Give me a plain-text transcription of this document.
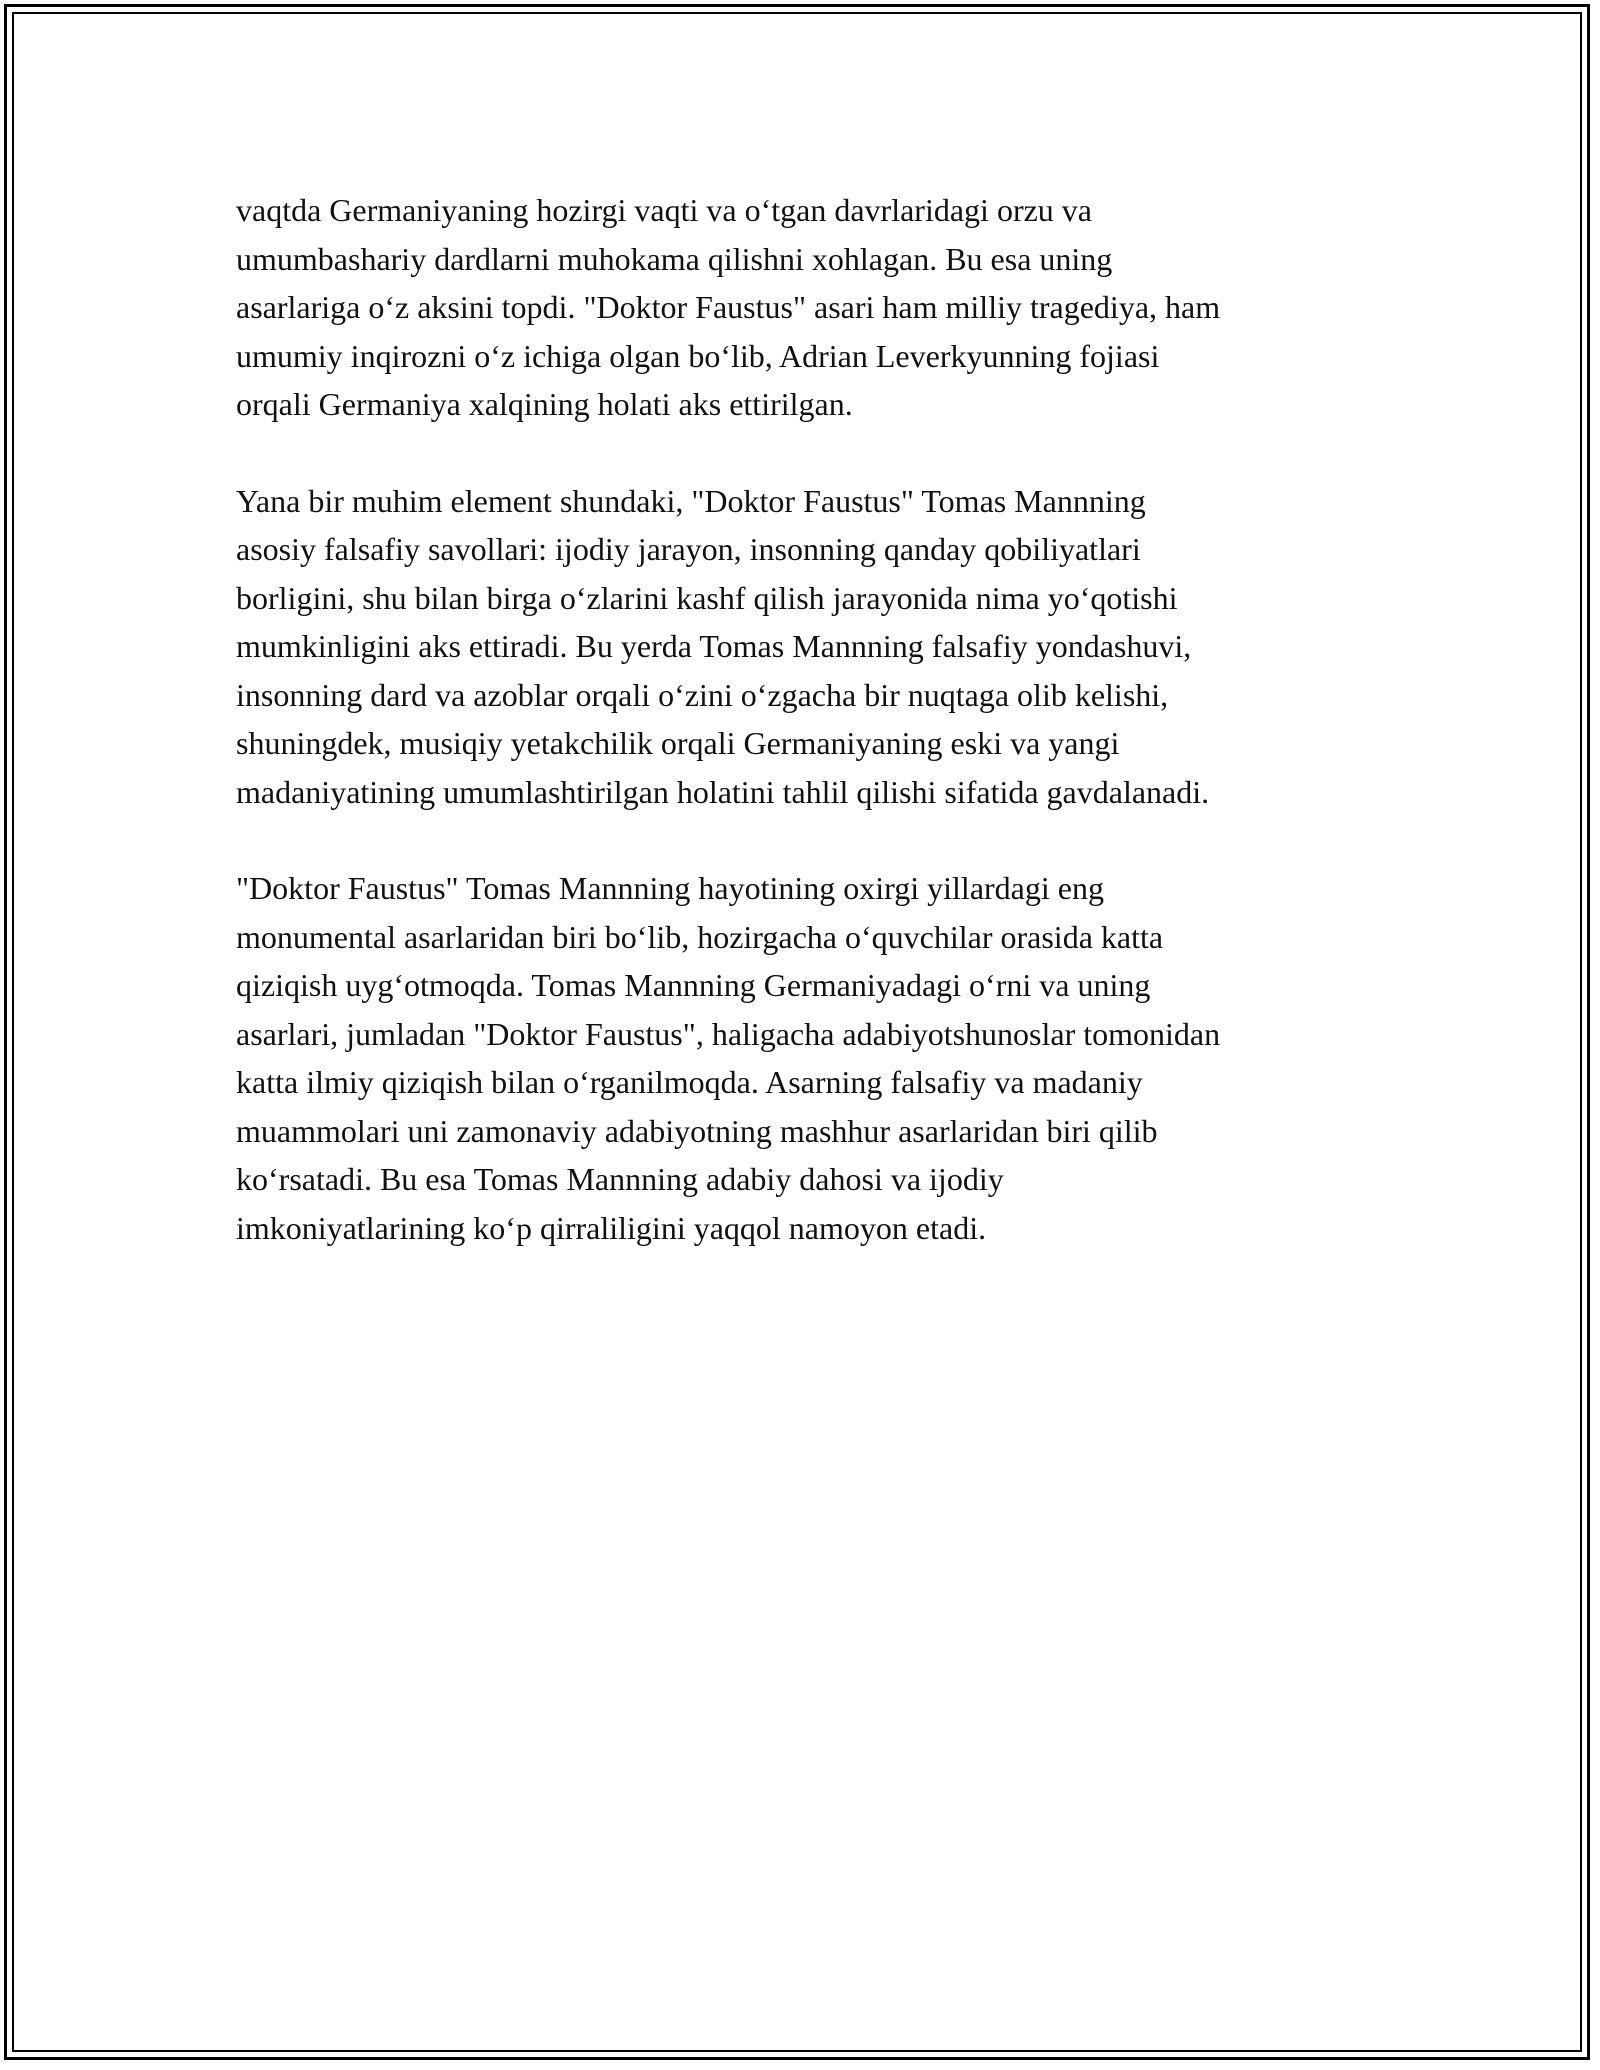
vaqtda Germaniyaning hozirgi vaqti va o‘tgan davrlaridagi orzu va
umumbashariy dardlarni muhokama qilishni xohlagan. Bu esa uning
asarlariga o‘z aksini topdi. "Doktor Faustus" asari ham milliy tragediya, ham
umumiy inqirozni o‘z ichiga olgan bo‘lib, Adrian Leverkyunning fojiasi
orqali Germaniya xalqining holati aks ettirilgan.

Yana bir muhim element shundaki, "Doktor Faustus" Tomas Mannning
asosiy falsafiy savollari: ijodiy jarayon, insonning qanday qobiliyatlari
borligini, shu bilan birga o‘zlarini kashf qilish jarayonida nima yo‘qotishi
mumkinligini aks ettiradi. Bu yerda Tomas Mannning falsafiy yondashuvi,
insonning dard va azoblar orqali o‘zini o‘zgacha bir nuqtaga olib kelishi,
shuningdek, musiqiy yetakchilik orqali Germaniyaning eski va yangi
madaniyatining umumlashtirilgan holatini tahlil qilishi sifatida gavdalanadi.

"Doktor Faustus" Tomas Mannning hayotining oxirgi yillardagi eng
monumental asarlaridan biri bo‘lib, hozirgacha o‘quvchilar orasida katta
qiziqish uyg‘otmoqda. Tomas Mannning Germaniyadagi o‘rni va uning
asarlari, jumladan "Doktor Faustus", haligacha adabiyotshunoslar tomonidan
katta ilmiy qiziqish bilan o‘rganilmoqda. Asarning falsafiy va madaniy
muammolari uni zamonaviy adabiyotning mashhur asarlaridan biri qilib
ko‘rsatadi. Bu esa Tomas Mannning adabiy dahosi va ijodiy
imkoniyatlarining ko‘p qirraliligini yaqqol namoyon etadi.
